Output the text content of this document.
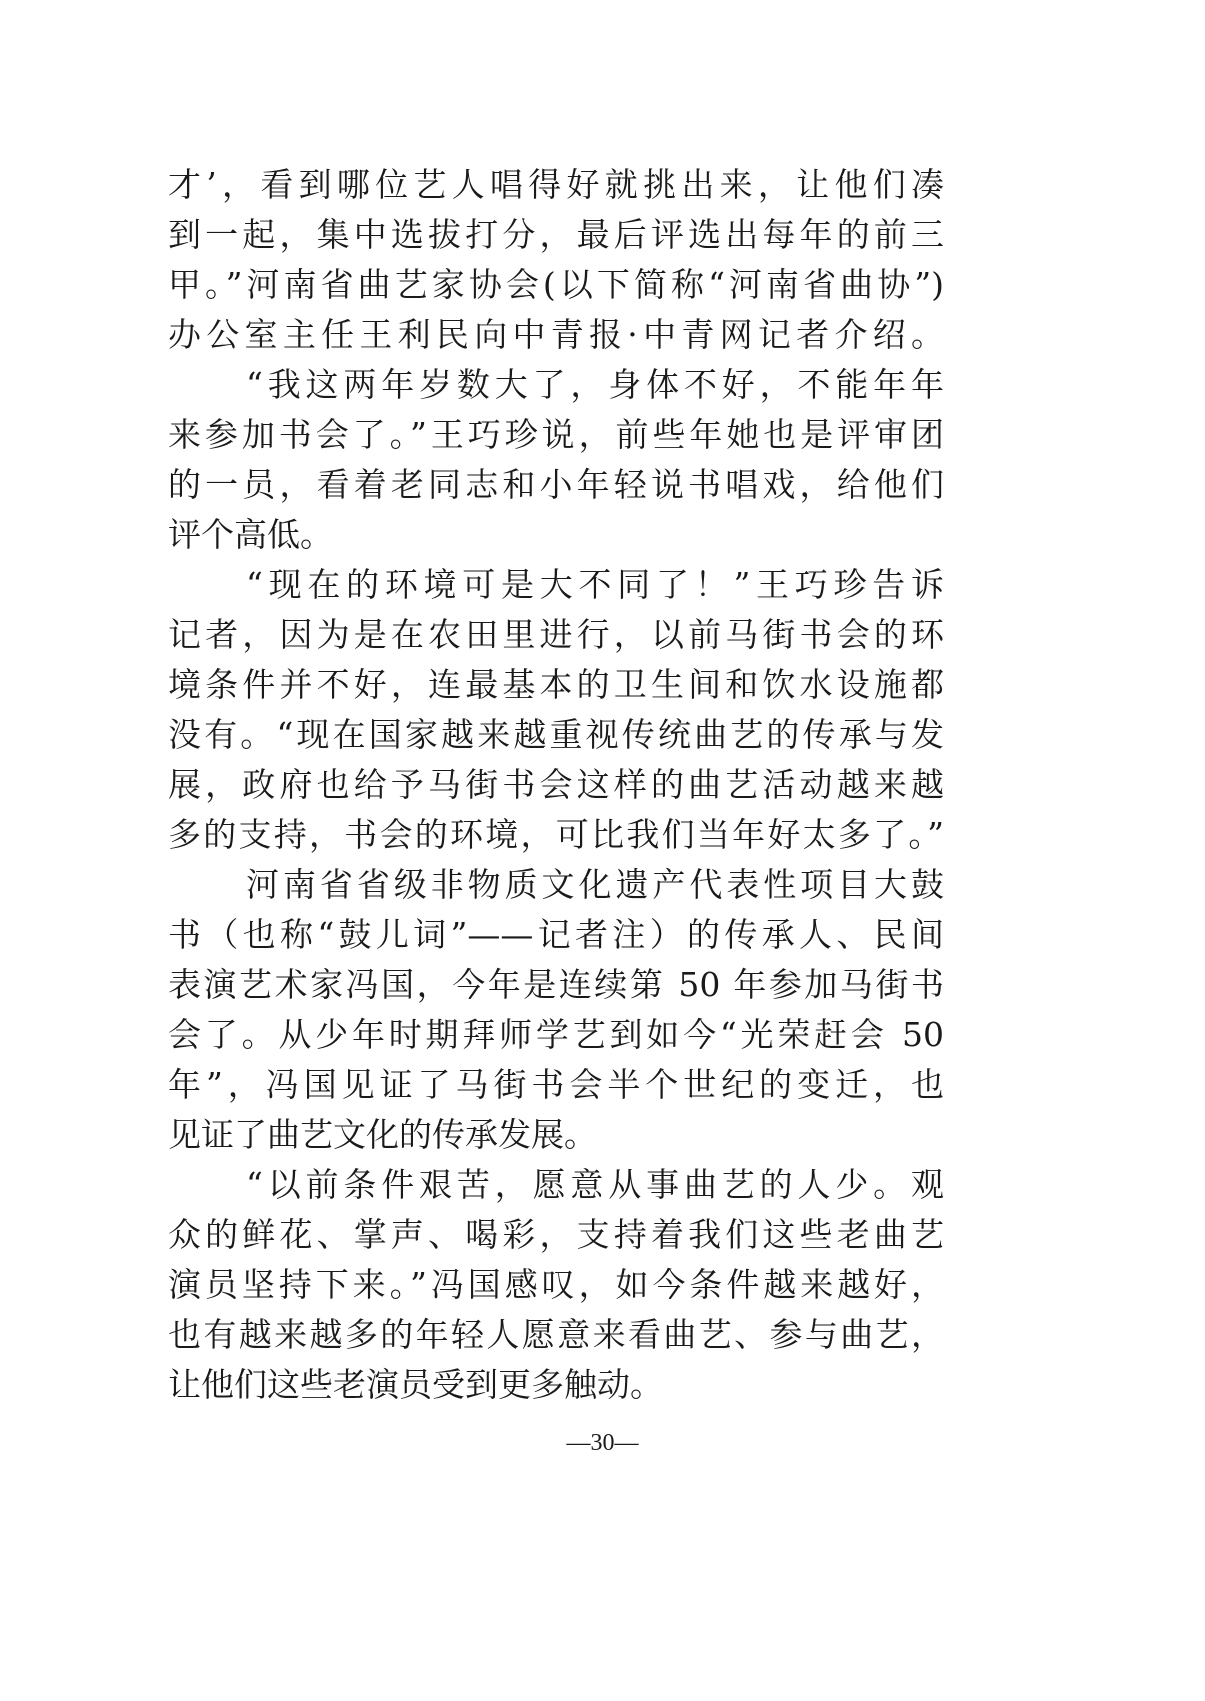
才’，看到哪位艺人唱得好就挑出来，让他们凑
到一起，集中选拔打分，最后评选出每年的前三
甲。”河南省曲艺家协会(以下简称“河南省曲协”)
办公室主任王利民向中青报·中青网记者介绍。
“我这两年岁数大了，身体不好，不能年年
来参加书会了。”王巧珍说，前些年她也是评审团
的一员，看着老同志和小年轻说书唱戏，给他们
评个高低。
“现在的环境可是大不同了！”王巧珍告诉
记者，因为是在农田里进行，以前马街书会的环
境条件并不好，连最基本的卫生间和饮水设施都
没有。“现在国家越来越重视传统曲艺的传承与发
展，政府也给予马街书会这样的曲艺活动越来越
多的支持，书会的环境，可比我们当年好太多了。”
河南省省级非物质文化遗产代表性项目大鼓
书（也称“鼓儿词”——记者注）的传承人、民间
表演艺术家冯国，今年是连续第 50 年参加马街书
会了。从少年时期拜师学艺到如今“光荣赶会 50
年”，冯国见证了马街书会半个世纪的变迁，也
见证了曲艺文化的传承发展。
“以前条件艰苦，愿意从事曲艺的人少。观
众的鲜花、掌声、喝彩，支持着我们这些老曲艺
演员坚持下来。”冯国感叹，如今条件越来越好，
也有越来越多的年轻人愿意来看曲艺、参与曲艺，
让他们这些老演员受到更多触动。
—30—
